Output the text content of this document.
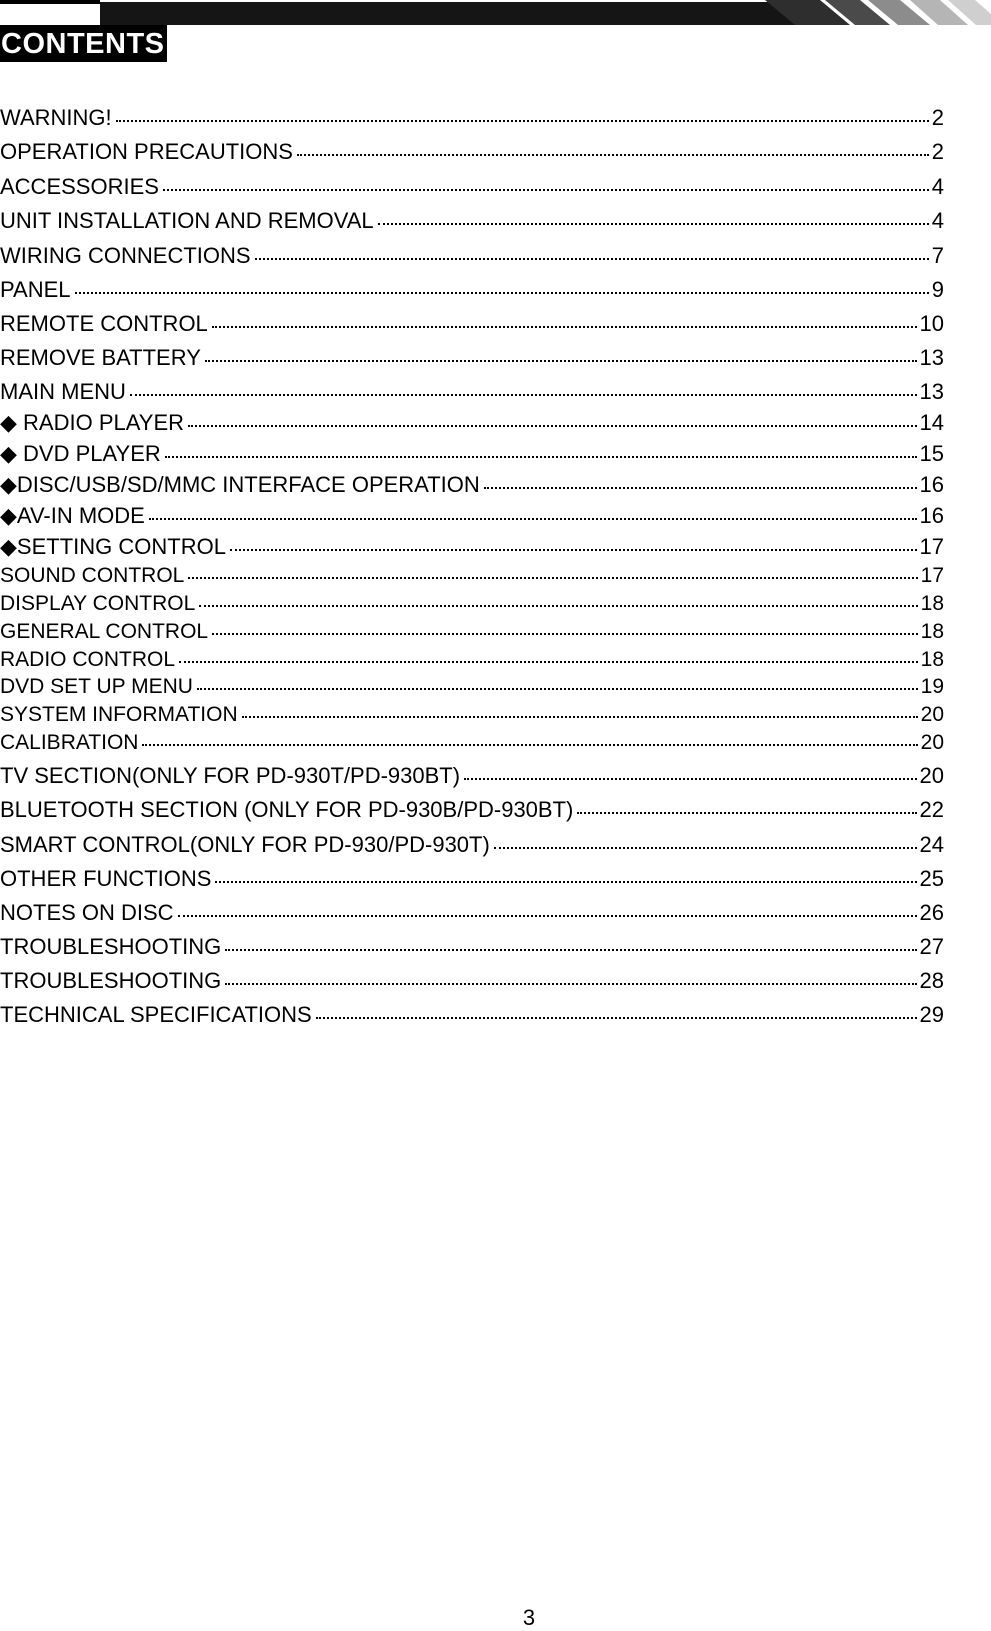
CONTENTS
WARNING!	2
OPERATION PRECAUTIONS	2
ACCESSORIES	4
UNIT INSTALLATION AND REMOVAL	4
WIRING CONNECTIONS	7
PANEL	9
REMOTE CONTROL	10
REMOVE BATTERY	13
MAIN MENU	13
◆ RADIO PLAYER	14
◆ DVD PLAYER	15
◆DISC/USB/SD/MMC INTERFACE OPERATION	16
◆AV-IN MODE	16
◆SETTING CONTROL	17
SOUND CONTROL	17
DISPLAY CONTROL	18
GENERAL CONTROL	18
RADIO CONTROL	18
DVD SET UP MENU	19
SYSTEM INFORMATION	20
CALIBRATION	20
TV SECTION(ONLY FOR PD-930T/PD-930BT)	20
BLUETOOTH SECTION (ONLY FOR PD-930B/PD-930BT)	22
SMART CONTROL(ONLY FOR PD-930/PD-930T)	24
OTHER FUNCTIONS	25
NOTES ON DISC	26
TROUBLESHOOTING	27
TROUBLESHOOTING	28
TECHNICAL SPECIFICATIONS	29
3
